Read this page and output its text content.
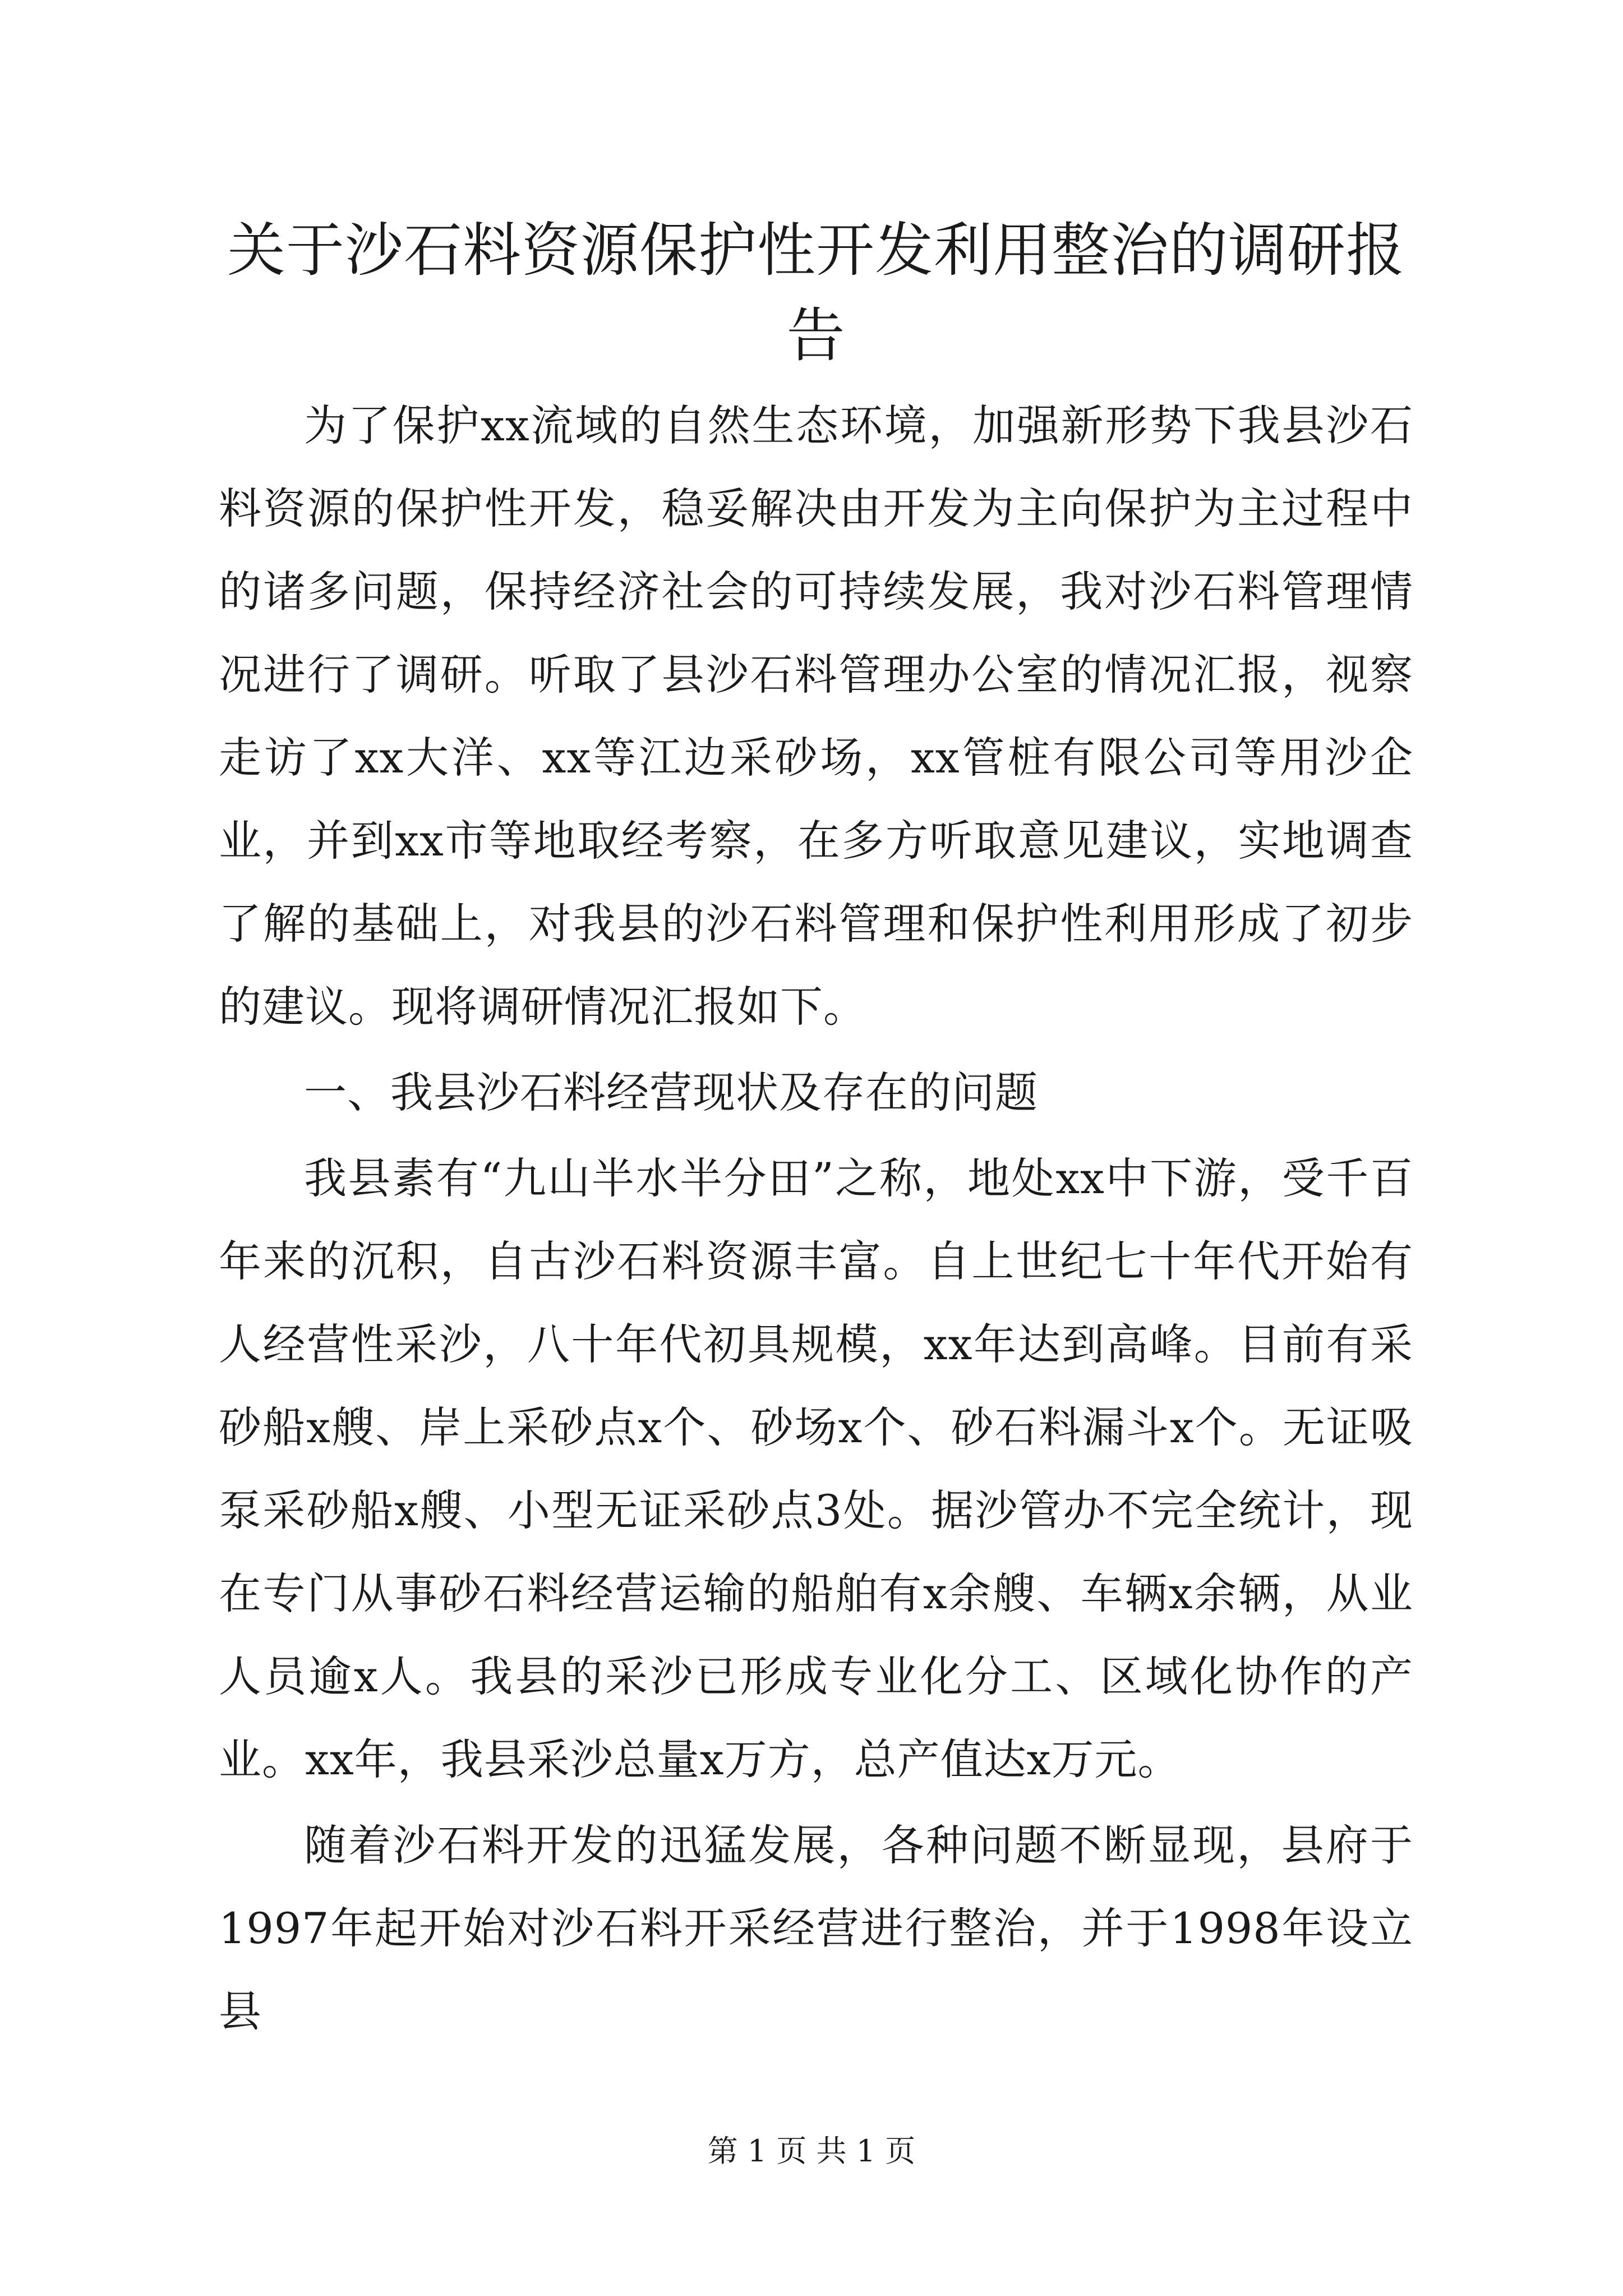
关于沙石料资源保护性开发利用整治的调研报告

为了保护xx流域的自然生态环境，加强新形势下我县沙石料资源的保护性开发，稳妥解决由开发为主向保护为主过程中的诸多问题，保持经济社会的可持续发展，我对沙石料管理情况进行了调研。听取了县沙石料管理办公室的情况汇报，视察走访了xx大洋、xx等江边采砂场，xx管桩有限公司等用沙企业，并到xx市等地取经考察，在多方听取意见建议，实地调查了解的基础上，对我县的沙石料管理和保护性利用形成了初步的建议。现将调研情况汇报如下。

一、我县沙石料经营现状及存在的问题

我县素有“九山半水半分田”之称，地处xx中下游，受千百年来的沉积，自古沙石料资源丰富。自上世纪七十年代开始有人经营性采沙，八十年代初具规模，xx年达到高峰。目前有采砂船x艘、岸上采砂点x个、砂场x个、砂石料漏斗x个。无证吸泵采砂船x艘、小型无证采砂点3处。据沙管办不完全统计，现在专门从事砂石料经营运输的船舶有x余艘、车辆x余辆，从业人员逾x人。我县的采沙已形成专业化分工、区域化协作的产业。xx年，我县采沙总量x万方，总产值达x万元。

随着沙石料开发的迅猛发展，各种问题不断显现，县府于1997年起开始对沙石料开采经营进行整治，并于1998年设立县

第 1 页 共 1 页
